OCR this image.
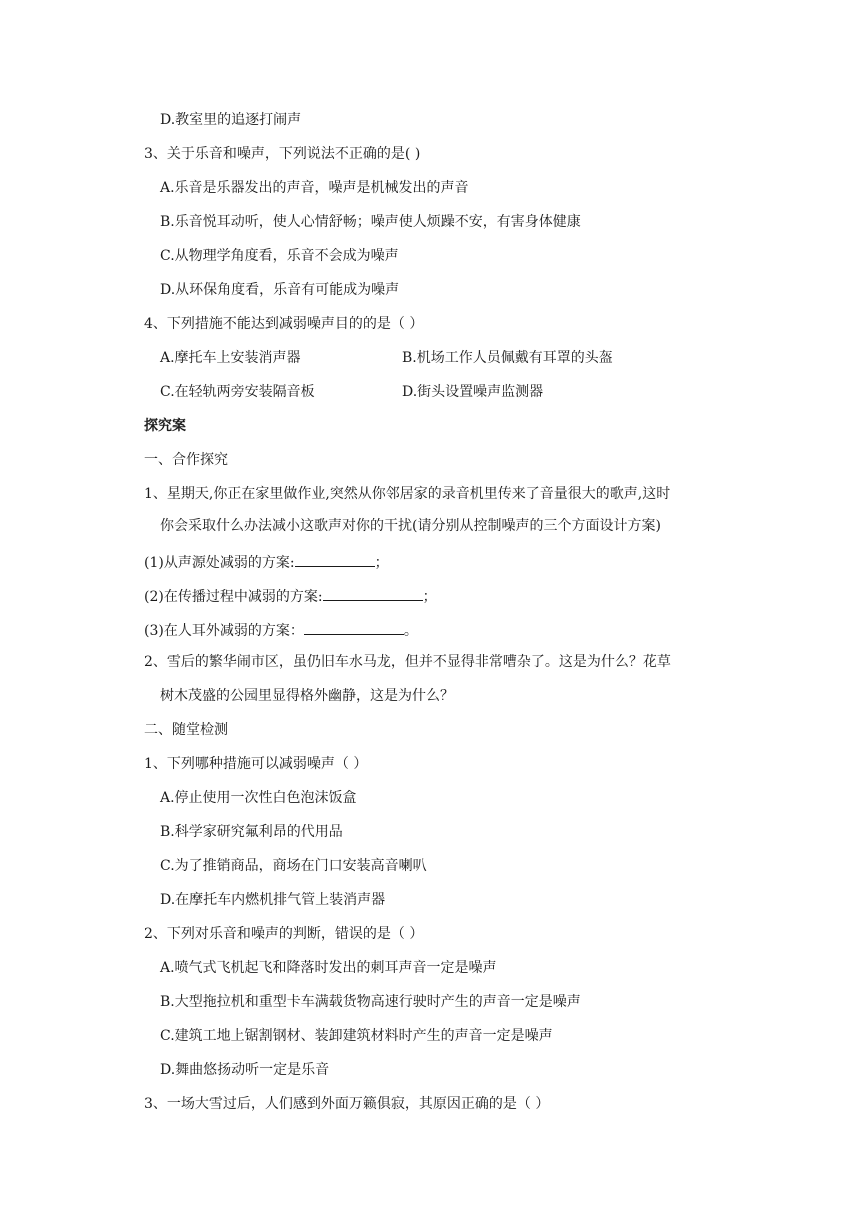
D.教室里的追逐打闹声
3、关于乐音和噪声，下列说法不正确的是( )
A.乐音是乐器发出的声音，噪声是机械发出的声音
B.乐音悦耳动听，使人心情舒畅；噪声使人烦躁不安，有害身体健康
C.从物理学角度看，乐音不会成为噪声
D.从环保角度看，乐音有可能成为噪声
4、下列措施不能达到减弱噪声目的的是（ ）
A.摩托车上安装消声器	B.机场工作人员佩戴有耳罩的头盔
C.在轻轨两旁安装隔音板	D.街头设置噪声监测器
探究案
一、合作探究
1、星期天,你正在家里做作业,突然从你邻居家的录音机里传来了音量很大的歌声,这时
你会采取什么办法减小这歌声对你的干扰(请分别从控制噪声的三个方面设计方案)
(1)从声源处减弱的方案:	；
(2)在传播过程中减弱的方案:	；
(3)在人耳外减弱的方案：	。
2、雪后的繁华闹市区，虽仍旧车水马龙，但并不显得非常嘈杂了。这是为什么？花草
树木茂盛的公园里显得格外幽静，这是为什么？
二、随堂检测
1、下列哪种措施可以减弱噪声（ ）
A.停止使用一次性白色泡沫饭盒
B.科学家研究氟利昂的代用品
C.为了推销商品，商场在门口安装高音喇叭
D.在摩托车内燃机排气管上装消声器
2、下列对乐音和噪声的判断，错误的是（ ）
A.喷气式飞机起飞和降落时发出的刺耳声音一定是噪声
B.大型拖拉机和重型卡车满载货物高速行驶时产生的声音一定是噪声
C.建筑工地上锯割钢材、装卸建筑材料时产生的声音一定是噪声
D.舞曲悠扬动听一定是乐音
3、一场大雪过后，人们感到外面万籁俱寂，其原因正确的是（ ）
